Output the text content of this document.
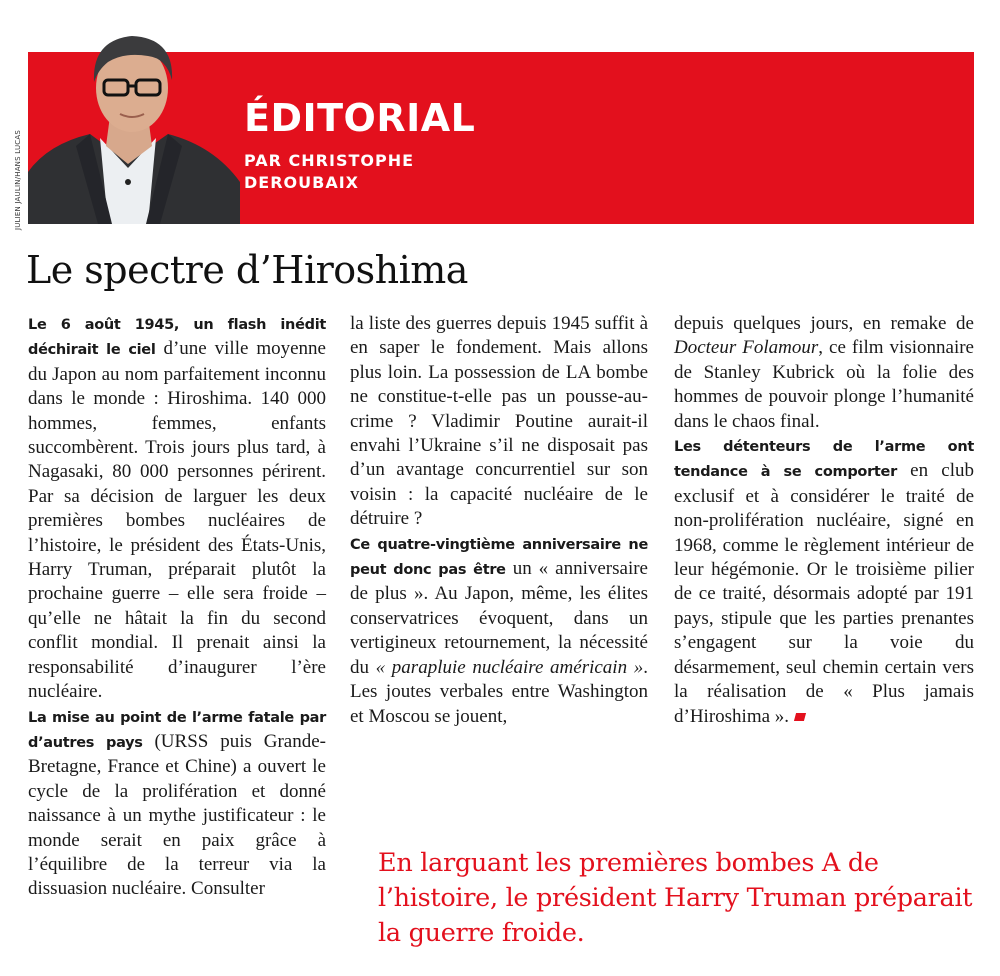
JULIEN JAULIN/HANS LUCAS
ÉDITORIAL
PAR CHRISTOPHE DEROUBAIX
Le spectre d’Hiroshima

Le 6 août 1945, un flash inédit déchirait le ciel d’une ville moyenne du Japon au nom parfaitement inconnu dans le monde : Hiroshima. 140 000 hommes, femmes, enfants succombèrent. Trois jours plus tard, à Nagasaki, 80 000 personnes périrent. Par sa décision de larguer les deux premières bombes nucléaires de l’histoire, le président des États-Unis, Harry Truman, préparait plutôt la prochaine guerre – elle sera froide – qu’elle ne hâtait la fin du second conflit mondial. Il prenait ainsi la responsabilité d’inaugurer l’ère nucléaire.

La mise au point de l’arme fatale par d’autres pays (URSS puis Grande-Bretagne, France et Chine) a ouvert le cycle de la prolifération et donné naissance à un mythe justificateur : le monde serait en paix grâce à l’équilibre de la terreur via la dissuasion nucléaire. Consulter

la liste des guerres depuis 1945 suffit à en saper le fondement. Mais allons plus loin. La possession de LA bombe ne constitue-t-elle pas un pousse-au-crime ? Vladimir Poutine aurait-il envahi l’Ukraine s’il ne disposait pas d’un avantage concurrentiel sur son voisin : la capacité nucléaire de le détruire ?

Ce quatre-vingtième anniversaire ne peut donc pas être un « anniversaire de plus ». Au Japon, même, les élites conservatrices évoquent, dans un vertigineux retournement, la nécessité du « parapluie nucléaire américain ». Les joutes verbales entre Washington et Moscou se jouent,

depuis quelques jours, en remake de Docteur Folamour, ce film visionnaire de Stanley Kubrick où la folie des hommes de pouvoir plonge l’humanité dans le chaos final.

Les détenteurs de l’arme ont tendance à se comporter en club exclusif et à considérer le traité de non-prolifération nucléaire, signé en 1968, comme le règlement intérieur de leur hégémonie. Or le troisième pilier de ce traité, désormais adopté par 191 pays, stipule que les parties prenantes s’engagent sur la voie du désarmement, seul chemin certain vers la réalisation de « Plus jamais d’Hiroshima ».

En larguant les premières bombes A de l’histoire, le président Harry Truman préparait la guerre froide.
